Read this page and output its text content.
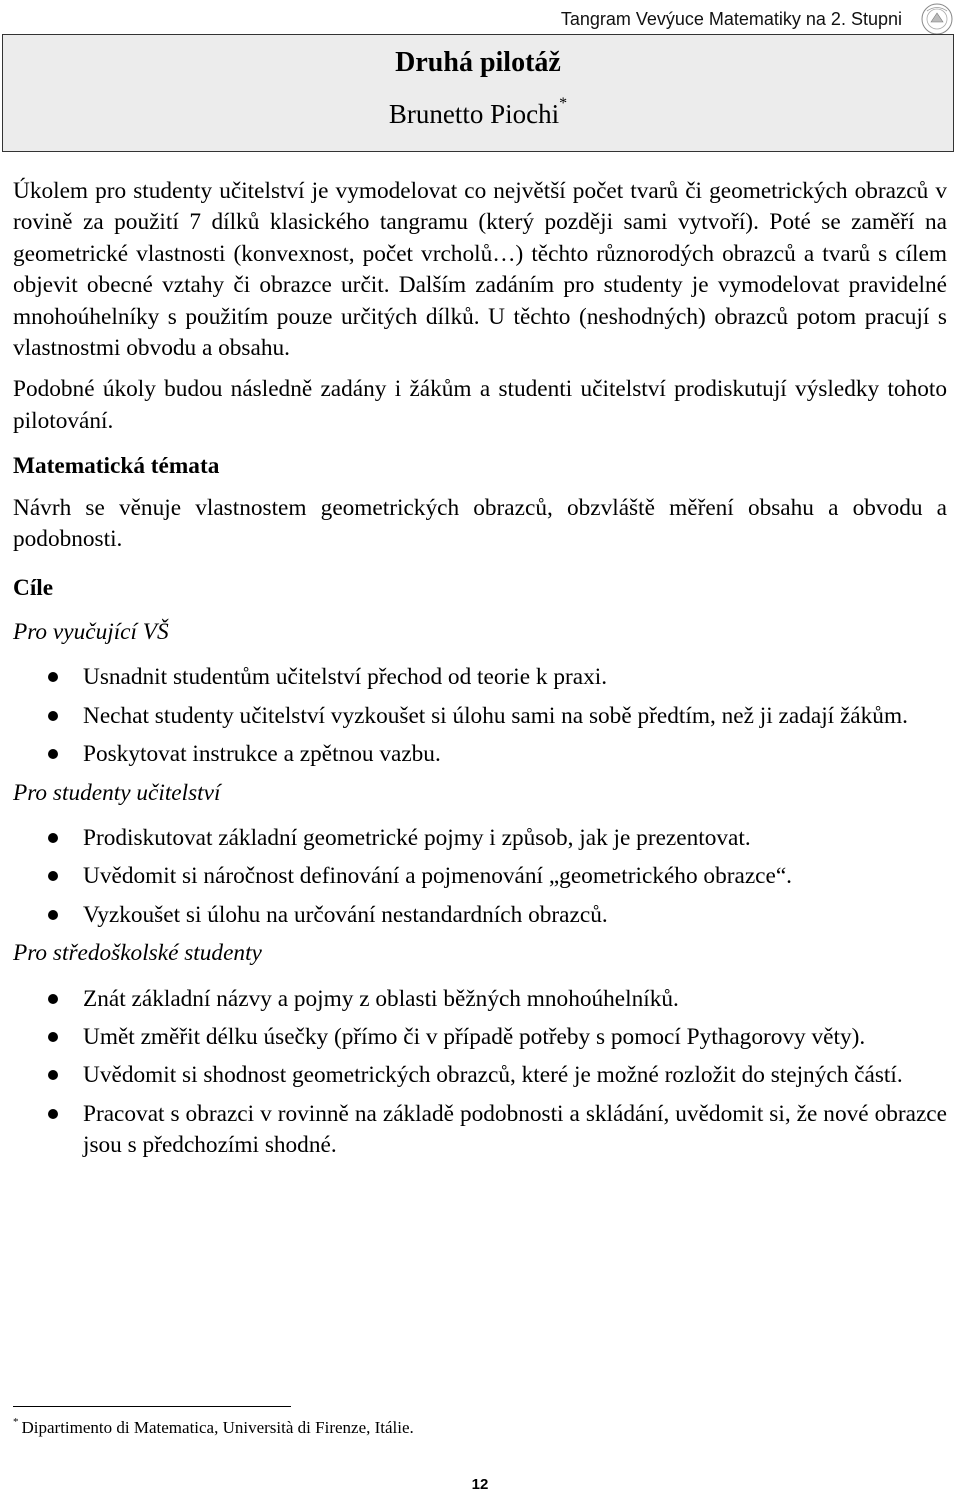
Tangram Vevýuce Matematiky na 2. Stupni
Druhá pilotáž
Brunetto Piochi*

Úkolem pro studenty učitelství je vymodelovat co největší počet tvarů či geometrických obrazců v rovině za použití 7 dílků klasického tangramu (který později sami vytvoří). Poté se zaměří na geometrické vlastnosti (konvexnost, počet vrcholů…) těchto různorodých obrazců a tvarů s cílem objevit obecné vztahy či obrazce určit. Dalším zadáním pro studenty je vymodelovat pravidelné mnohoúhelníky s použitím pouze určitých dílků. U těchto (neshodných) obrazců potom pracují s vlastnostmi obvodu a obsahu.

Podobné úkoly budou následně zadány i žákům a studenti učitelství prodiskutují výsledky tohoto pilotování.

Matematická témata

Návrh se věnuje vlastnostem geometrických obrazců, obzvláště měření obsahu a obvodu a podobnosti.

Cíle
Pro vyučující VŠ
Usnadnit studentům učitelství přechod od teorie k praxi.
Nechat studenty učitelství vyzkoušet si úlohu sami na sobě předtím, než ji zadají žákům.
Poskytovat instrukce a zpětnou vazbu.
Pro studenty učitelství
Prodiskutovat základní geometrické pojmy i způsob, jak je prezentovat.
Uvědomit si náročnost definování a pojmenování „geometrického obrazce“.
Vyzkoušet si úlohu na určování nestandardních obrazců.
Pro středoškolské studenty
Znát základní názvy a pojmy z oblasti běžných mnohoúhelníků.
Umět změřit délku úsečky (přímo či v případě potřeby s pomocí Pythagorovy věty).
Uvědomit si shodnost geometrických obrazců, které je možné rozložit do stejných částí.
Pracovat s obrazci v rovinně na základě podobnosti a skládání, uvědomit si, že nové obrazce jsou s předchozími shodné.
* Dipartimento di Matematica, Università di Firenze, Itálie.
12
